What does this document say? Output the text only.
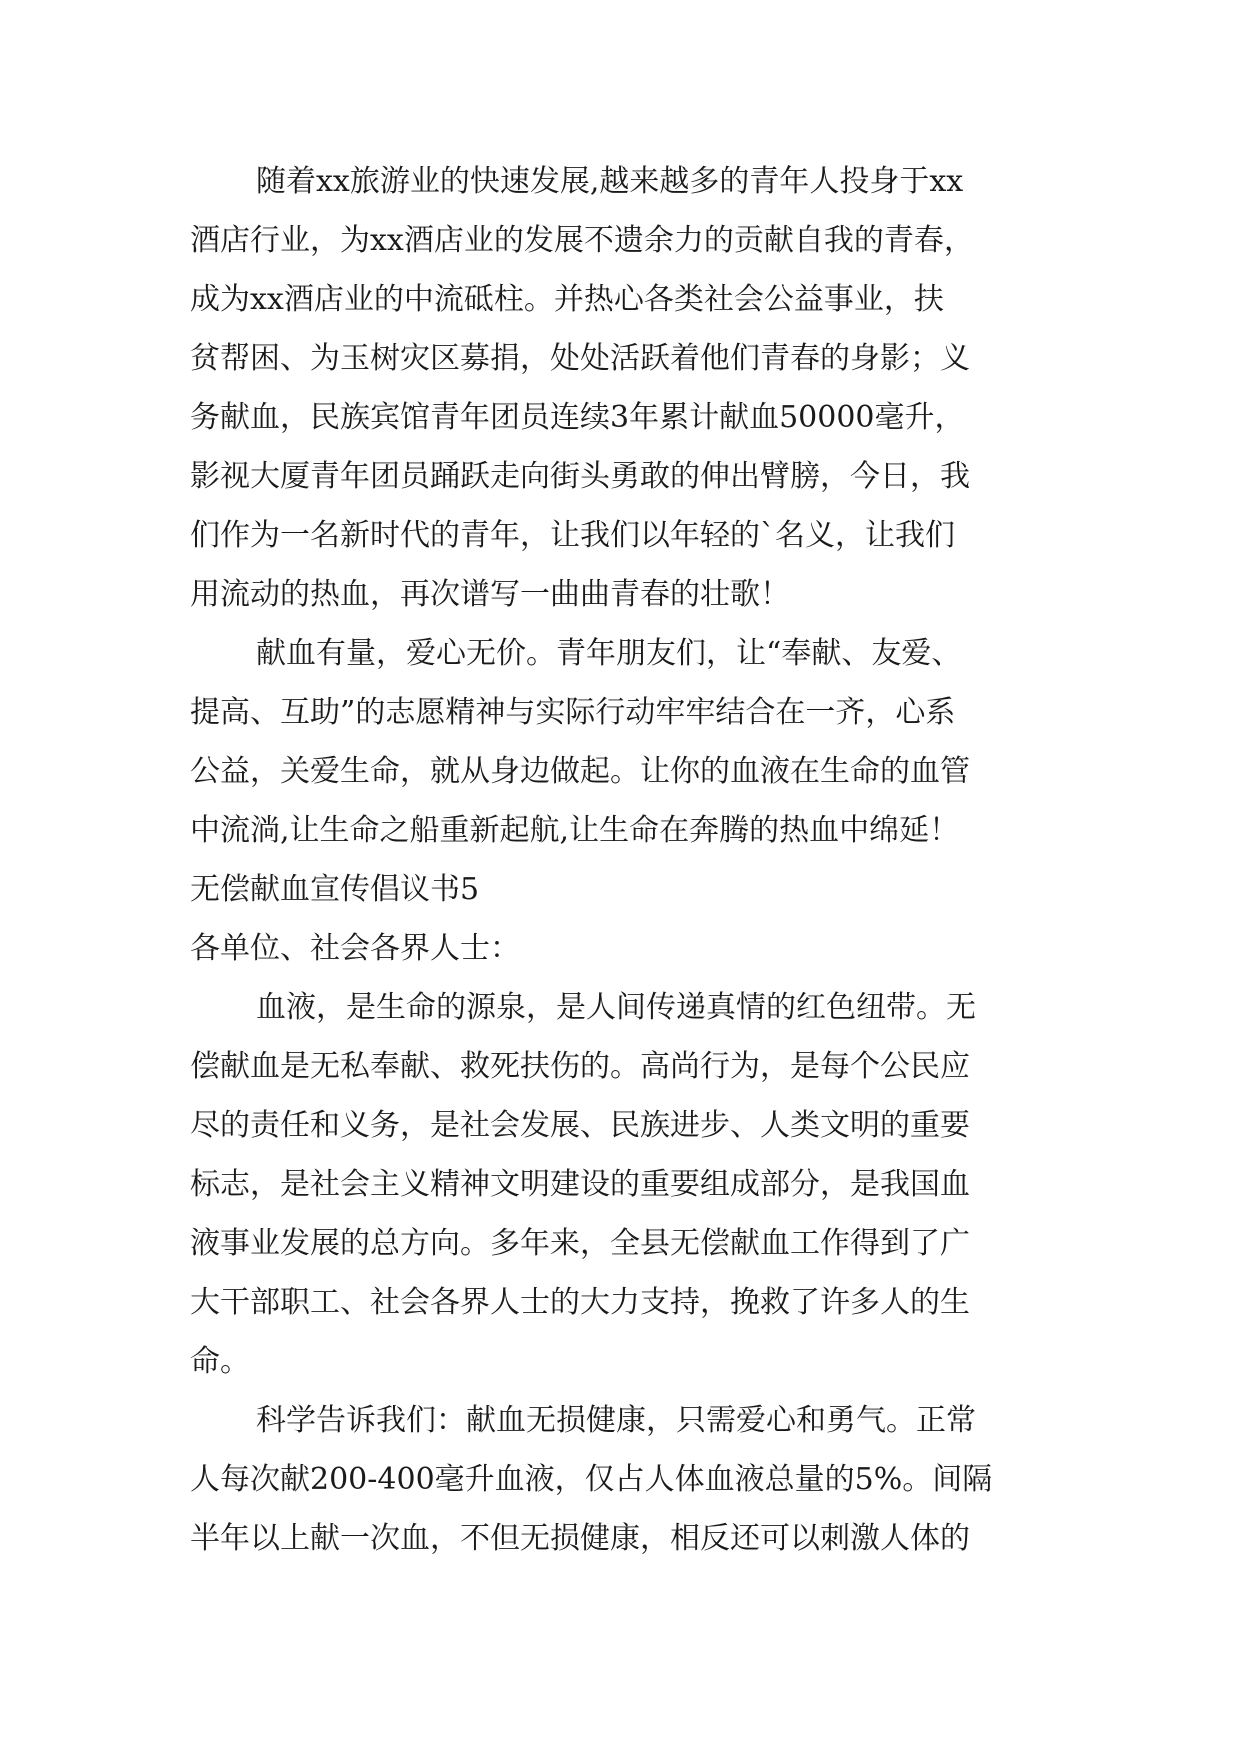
随着xx旅游业的快速发展,越来越多的青年人投身于xx
酒店行业，为xx酒店业的发展不遗余力的贡献自我的青春，
成为xx酒店业的中流砥柱。并热心各类社会公益事业，扶
贫帮困、为玉树灾区募捐，处处活跃着他们青春的身影；义
务献血，民族宾馆青年团员连续3年累计献血50000毫升，
影视大厦青年团员踊跃走向街头勇敢的伸出臂膀，今日，我
们作为一名新时代的青年，让我们以年轻的`名义，让我们
用流动的热血，再次谱写一曲曲青春的壮歌！
献血有量，爱心无价。青年朋友们，让“奉献、友爱、
提高、互助”的志愿精神与实际行动牢牢结合在一齐，心系
公益，关爱生命，就从身边做起。让你的血液在生命的血管
中流淌,让生命之船重新起航,让生命在奔腾的热血中绵延！
无偿献血宣传倡议书5
各单位、社会各界人士：
血液，是生命的源泉，是人间传递真情的红色纽带。无
偿献血是无私奉献、救死扶伤的。高尚行为，是每个公民应
尽的责任和义务，是社会发展、民族进步、人类文明的重要
标志，是社会主义精神文明建设的重要组成部分，是我国血
液事业发展的总方向。多年来，全县无偿献血工作得到了广
大干部职工、社会各界人士的大力支持，挽救了许多人的生
命。
科学告诉我们：献血无损健康，只需爱心和勇气。正常
人每次献200-400毫升血液，仅占人体血液总量的5%。间隔
半年以上献一次血，不但无损健康，相反还可以刺激人体的
